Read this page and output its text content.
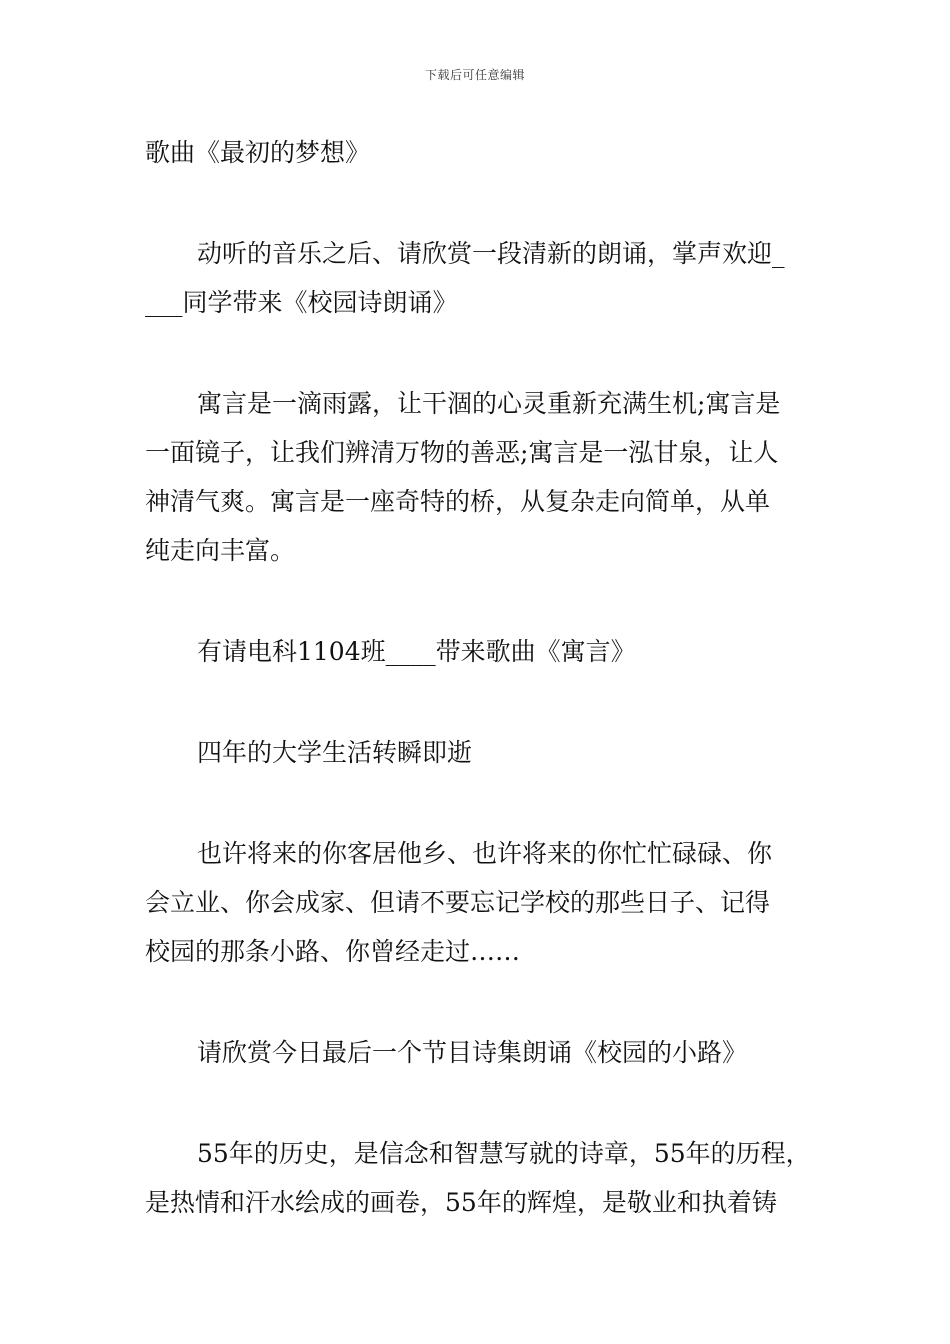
下载后可任意编辑
歌曲《最初的梦想》
动听的音乐之后、请欣赏一段清新的朗诵，掌声欢迎_
___同学带来《校园诗朗诵》
寓言是一滴雨露，让干涸的心灵重新充满生机;寓言是
一面镜子，让我们辨清万物的善恶;寓言是一泓甘泉，让人
神清气爽。寓言是一座奇特的桥，从复杂走向简单，从单
纯走向丰富。
有请电科1104班____带来歌曲《寓言》
四年的大学生活转瞬即逝
也许将来的你客居他乡、也许将来的你忙忙碌碌、你
会立业、你会成家、但请不要忘记学校的那些日子、记得
校园的那条小路、你曾经走过……
请欣赏今日最后一个节目诗集朗诵《校园的小路》
55年的历史，是信念和智慧写就的诗章，55年的历程，
是热情和汗水绘成的画卷，55年的辉煌，是敬业和执着铸
